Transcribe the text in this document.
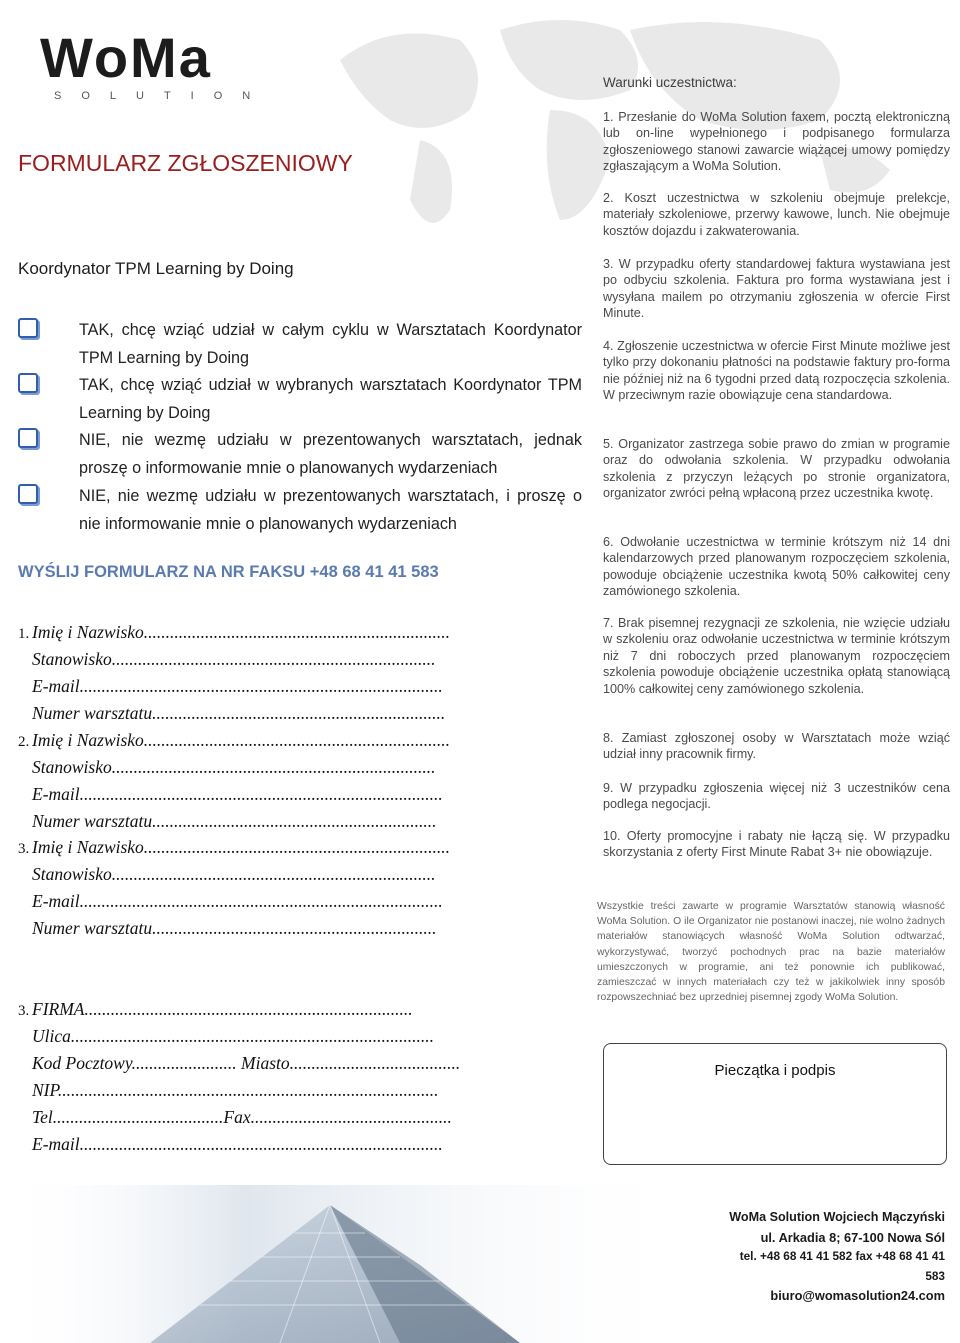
WoMa
SOLUTION
FORMULARZ ZGŁOSZENIOWY
Koordynator TPM Learning by Doing
TAK, chcę wziąć udział w całym cyklu w Warsztatach Koordynator TPM Learning by Doing
TAK, chcę wziąć udział w wybranych warsztatach Koordynator TPM Learning by Doing
NIE, nie wezmę udziału w prezentowanych warsztatach, jednak proszę o informowanie mnie o planowanych wydarzeniach
NIE, nie wezmę udziału w prezentowanych warsztatach, i proszę o nie informowanie mnie o planowanych wydarzeniach
WYŚLIJ FORMULARZ NA NR FAKSU +48 68 41 41 583
1. Imię i Nazwisko......................................................................
Stanowisko..........................................................................
E-mail...................................................................................
Numer warsztatu...................................................................
2. Imię i Nazwisko......................................................................
Stanowisko..........................................................................
E-mail...................................................................................
Numer warsztatu.................................................................
3. Imię i Nazwisko......................................................................
Stanowisko..........................................................................
E-mail...................................................................................
Numer warsztatu.................................................................
3. FIRMA...........................................................................
Ulica...................................................................................
Kod Pocztowy........................ Miasto.......................................
NIP.......................................................................................
Tel.......................................Fax..............................................
E-mail...................................................................................
Warunki uczestnictwa:
1. Przesłanie do WoMa Solution faxem, pocztą elektroniczną lub on-line wypełnionego i podpisanego formularza zgłoszeniowego stanowi zawarcie wiążącej umowy pomiędzy zgłaszającym a WoMa Solution.
2. Koszt uczestnictwa w szkoleniu obejmuje prelekcje, materiały szkoleniowe, przerwy kawowe, lunch. Nie obejmuje kosztów dojazdu i zakwaterowania.
3. W przypadku oferty standardowej faktura wystawiana jest po odbyciu szkolenia. Faktura pro forma wystawiana jest i wysyłana mailem po otrzymaniu zgłoszenia w ofercie First Minute.
4. Zgłoszenie uczestnictwa w ofercie First Minute możliwe jest tylko przy dokonaniu płatności na podstawie faktury pro-forma nie później niż na 6 tygodni przed datą rozpoczęcia szkolenia. W przeciwnym razie obowiązuje cena standardowa.
5. Organizator zastrzega sobie prawo do zmian w programie oraz do odwołania szkolenia. W przypadku odwołania szkolenia z przyczyn leżących po stronie organizatora, organizator zwróci pełną wpłaconą przez uczestnika kwotę.
6. Odwołanie uczestnictwa w terminie krótszym niż 14 dni kalendarzowych przed planowanym rozpoczęciem szkolenia, powoduje obciążenie uczestnika kwotą 50% całkowitej ceny zamówionego szkolenia.
7. Brak pisemnej rezygnacji ze szkolenia, nie wzięcie udziału w szkoleniu oraz odwołanie uczestnictwa w terminie krótszym niż 7 dni roboczych przed planowanym rozpoczęciem szkolenia powoduje obciążenie uczestnika opłatą stanowiącą 100% całkowitej ceny zamówionego szkolenia.
8. Zamiast zgłoszonej osoby w Warsztatach może wziąć udział inny pracownik firmy.
9. W przypadku zgłoszenia więcej niż 3 uczestników cena podlega negocjacji.
10. Oferty promocyjne i rabaty nie łączą się. W przypadku skorzystania z oferty First Minute Rabat 3+ nie obowiązuje.
Wszystkie treści zawarte w programie Warsztatów stanowią własność WoMa Solution. O ile Organizator nie postanowi inaczej, nie wolno żadnych materiałów stanowiących własność WoMa Solution odtwarzać, wykorzystywać, tworzyć pochodnych prac na bazie materiałów umieszczonych w programie, ani też ponownie ich publikować, zamieszczać w innych materiałach czy też w jakikolwiek inny sposób rozpowszechniać bez uprzedniej pisemnej zgody WoMa Solution.
Pieczątka i podpis
WoMa Solution Wojciech Mączyński
ul. Arkadia 8; 67-100 Nowa Sól
tel. +48 68 41 41 582 fax +48 68 41 41 583
biuro@womasolution24.com
